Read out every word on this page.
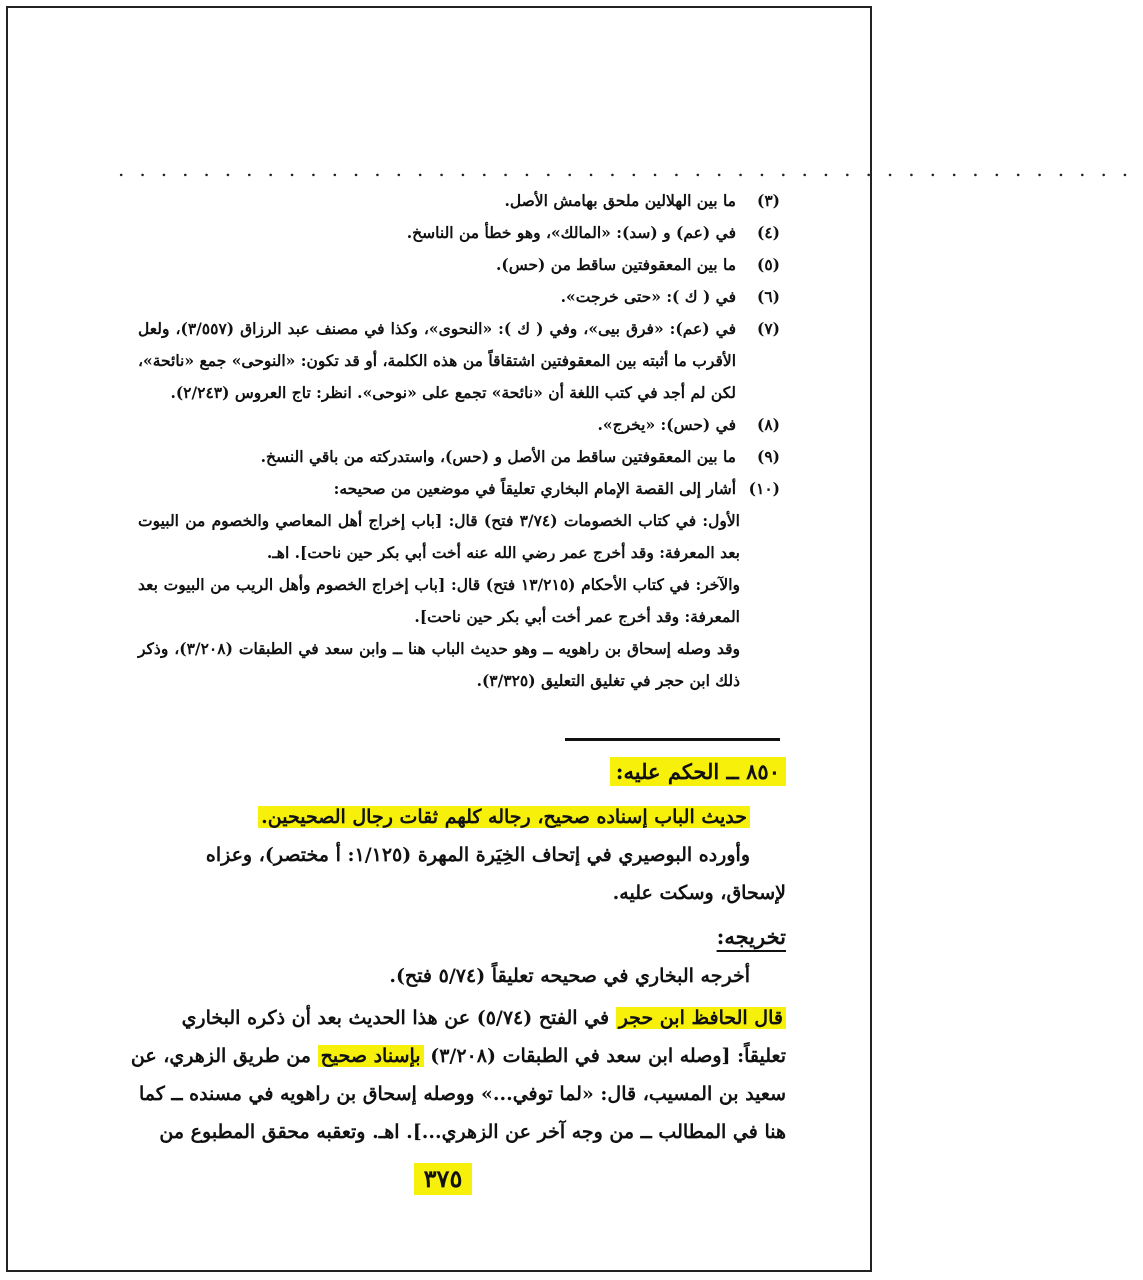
................................................
(٣)
ما بين الهلالين ملحق بهامش الأصل.
(٤)
في (عم) و (سد): «المالك»، وهو خطأ من الناسخ.
(٥)
ما بين المعقوفتين ساقط من (حس).
(٦)
في ( ك ): «حتى خرجت».
(٧)
في (عم): «فرق بيى»، وفي ( ك ): «النحوى»، وكذا في مصنف عبد الرزاق (٣/٥٥٧)، ولعل الأقرب ما أثبته بين المعقوفتين اشتقاقاً من هذه الكلمة، أو قد تكون: «النوحى» جمع «نائحة»، لكن لم أجد في كتب اللغة أن «نائحة» تجمع على «نوحى». انظر: تاج العروس (٢/٢٤٣).
(٨)
في (حس): «يخرج».
(٩)
ما بين المعقوفتين ساقط من الأصل و (حس)، واستدركته من باقي النسخ.
(١٠)
أشار إلى القصة الإمام البخاري تعليقاً في موضعين من صحيحه:
الأول: في كتاب الخصومات (٣/٧٤ فتح) قال: [باب إخراج أهل المعاصي والخصوم من البيوت بعد المعرفة: وقد أخرج عمر رضي الله عنه أخت أبي بكر حين ناحت]. اهـ.
والآخر: في كتاب الأحكام (١٣/٢١٥ فتح) قال: [باب إخراج الخصوم وأهل الريب من البيوت بعد المعرفة: وقد أخرج عمر أخت أبي بكر حين ناحت].
وقد وصله إسحاق بن راهويه ــ وهو حديث الباب هنا ــ وابن سعد في الطبقات (٣/٢٠٨)، وذكر ذلك ابن حجر في تغليق التعليق (٣/٣٢٥).
٨٥٠ ــ الحكم عليه:
حديث الباب إسناده صحيح، رجاله كلهم ثقات رجال الصحيحين.
وأورده البوصيري في إتحاف الخِيَرة المهرة (١/١٢٥: أ مختصر)، وعزاه
لإسحاق، وسكت عليه.
تخريجه:
أخرجه البخاري في صحيحه تعليقاً (٥/٧٤ فتح).
قال الحافظ ابن حجر في الفتح (٥/٧٤) عن هذا الحديث بعد أن ذكره البخاري
تعليقاً: [وصله ابن سعد في الطبقات (٣/٢٠٨) بإسناد صحيح من طريق الزهري، عن
سعيد بن المسيب، قال: «لما توفي...» ووصله إسحاق بن راهويه في مسنده ــ كما
هنا في المطالب ــ من وجه آخر عن الزهري...]. اهـ. وتعقبه محقق المطبوع من
٣٧٥
